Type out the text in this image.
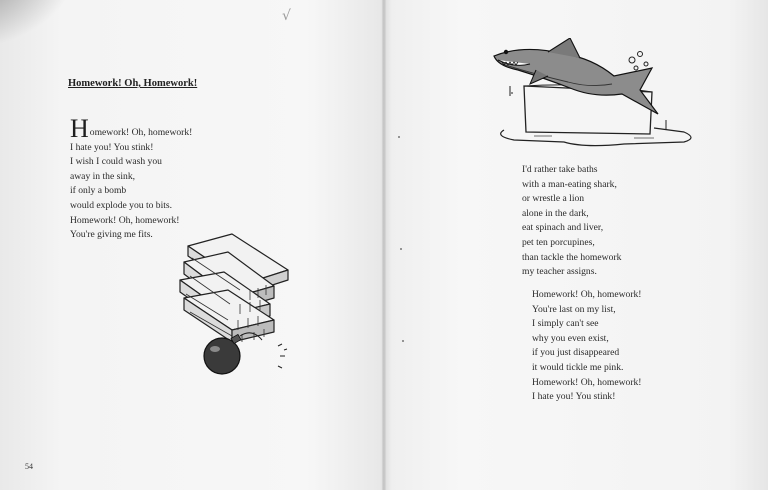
√
Homework! Oh, Homework!
Homework! Oh, homework!
I hate you! You stink!
I wish I could wash you
away in the sink,
if only a bomb
would explode you to bits.
Homework! Oh, homework!
You're giving me fits.
54
I'd rather take baths
with a man-eating shark,
or wrestle a lion
alone in the dark,
eat spinach and liver,
pet ten porcupines,
than tackle the homework
my teacher assigns.
Homework! Oh, homework!
You're last on my list,
I simply can't see
why you even exist,
if you just disappeared
it would tickle me pink.
Homework! Oh, homework!
I hate you! You stink!
